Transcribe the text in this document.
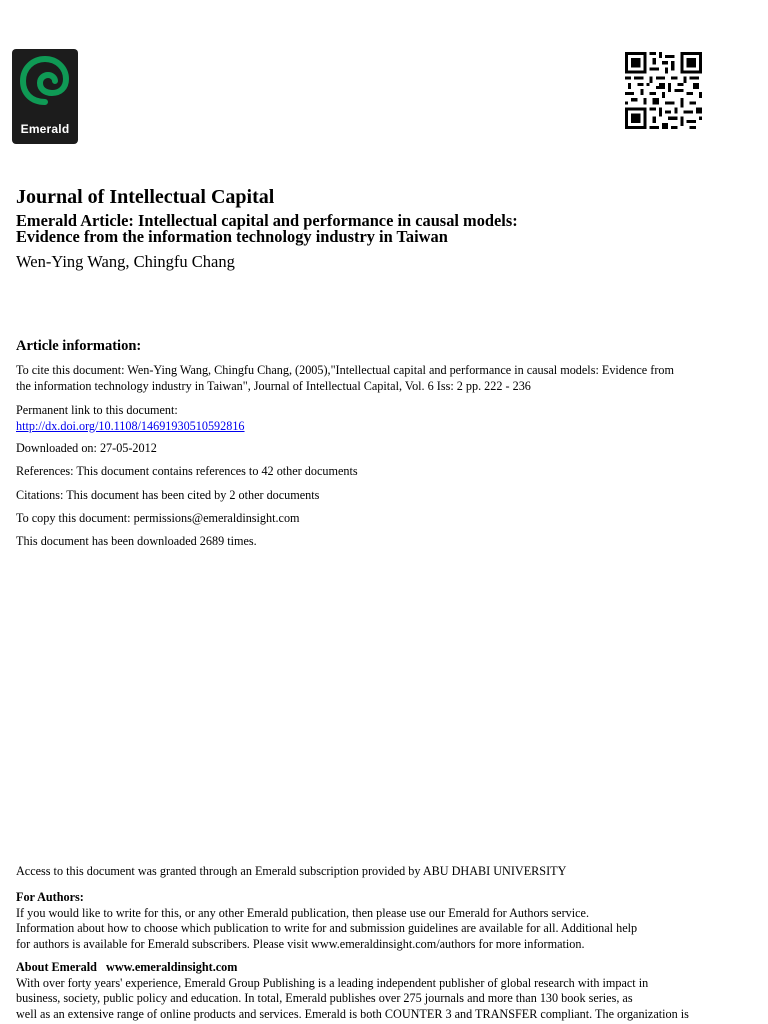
Emerald
Journal of Intellectual Capital
Emerald Article: Intellectual capital and performance in causal models:
Evidence from the information technology industry in Taiwan
Wen-Ying Wang, Chingfu Chang
Article information:
To cite this document: Wen-Ying Wang, Chingfu Chang, (2005),"Intellectual capital and performance in causal models: Evidence from
the information technology industry in Taiwan", Journal of Intellectual Capital, Vol. 6 Iss: 2 pp. 222 - 236
Permanent link to this document:
http://dx.doi.org/10.1108/14691930510592816
Downloaded on: 27-05-2012
References: This document contains references to 42 other documents
Citations: This document has been cited by 2 other documents
To copy this document: permissions@emeraldinsight.com
This document has been downloaded 2689 times.
Access to this document was granted through an Emerald subscription provided by ABU DHABI UNIVERSITY
For Authors:
If you would like to write for this, or any other Emerald publication, then please use our Emerald for Authors service.
Information about how to choose which publication to write for and submission guidelines are available for all. Additional help
for authors is available for Emerald subscribers. Please visit www.emeraldinsight.com/authors for more information.
About Emerald   www.emeraldinsight.com
With over forty years' experience, Emerald Group Publishing is a leading independent publisher of global research with impact in
business, society, public policy and education. In total, Emerald publishes over 275 journals and more than 130 book series, as
well as an extensive range of online products and services. Emerald is both COUNTER 3 and TRANSFER compliant. The organization is
